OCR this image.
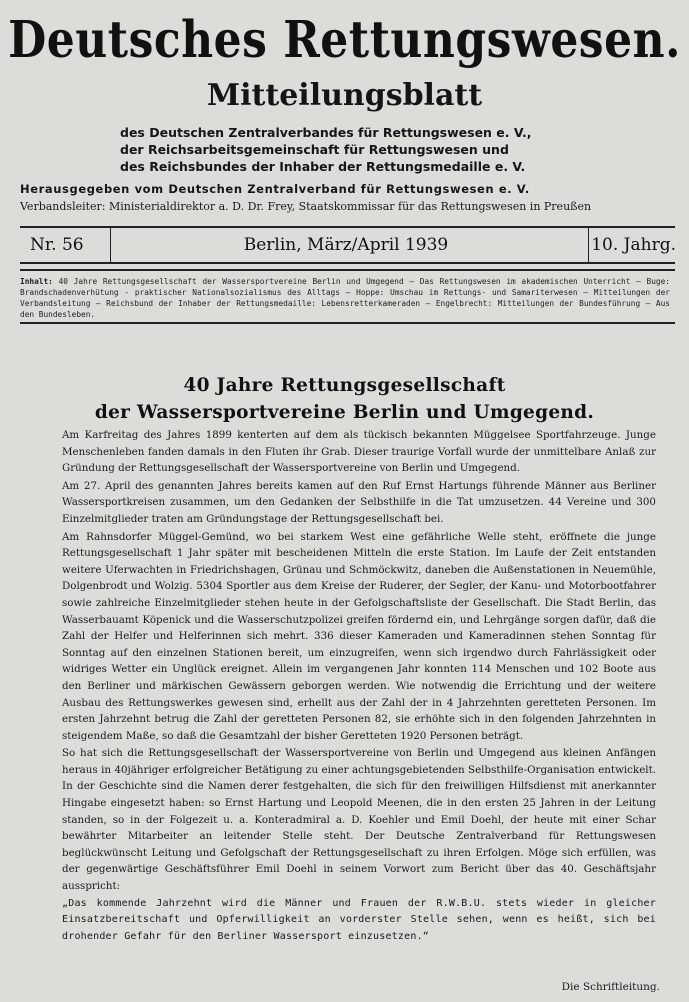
Deutsches Rettungswesen.
Mitteilungsblatt
des Deutschen Zentralverbandes für Rettungswesen e. V.,
der Reichsarbeitsgemeinschaft für Rettungswesen und
des Reichsbundes der Inhaber der Rettungsmedaille e. V.
Herausgegeben vom Deutschen Zentralverband für Rettungswesen e. V.
Verbandsleiter: Ministerialdirektor a. D. Dr. Frey, Staatskommissar für das Rettungswesen in Preußen
Nr. 56	Berlin, März/April 1939	10. Jahrg.
Inhalt: 40 Jahre Rettungsgesellschaft der Wassersportvereine Berlin und Umgegend — Das Rettungswesen im akademischen Unterricht — Buge: Brandschadenverhütung - praktischer Nationalsozialismus des Alltags — Hoppe: Umschau im Rettungs- und Samariterwesen — Mitteilungen der Verbandsleitung — Reichsbund der Inhaber der Rettungsmedaille: Lebensretterkameraden — Engelbrecht: Mitteilungen der Bundesführung — Aus den Bundesleben.
40 Jahre Rettungsgesellschaft
der Wassersportvereine Berlin und Umgegend.

Am Karfreitag des Jahres 1899 kenterten auf dem als tückisch bekannten Müggelsee Sportfahrzeuge. Junge Menschenleben fanden damals in den Fluten ihr Grab. Dieser traurige Vorfall wurde der unmittelbare Anlaß zur Gründung der Rettungsgesellschaft der Wassersportvereine von Berlin und Umgegend.

Am 27. April des genannten Jahres bereits kamen auf den Ruf Ernst Hartungs führende Männer aus Berliner Wassersportkreisen zusammen, um den Gedanken der Selbsthilfe in die Tat umzusetzen. 44 Vereine und 300 Einzelmitglieder traten am Gründungstage der Rettungsgesellschaft bei.

Am Rahnsdorfer Müggel-Gemünd, wo bei starkem West eine gefährliche Welle steht, eröffnete die junge Rettungsgesellschaft 1 Jahr später mit bescheidenen Mitteln die erste Station. Im Laufe der Zeit entstanden weitere Uferwachten in Friedrichshagen, Grünau und Schmöckwitz, daneben die Außenstationen in Neuemühle, Dolgenbrodt und Wolzig. 5304 Sportler aus dem Kreise der Ruderer, der Segler, der Kanu- und Motorbootfahrer sowie zahlreiche Einzelmitglieder stehen heute in der Gefolgschaftsliste der Gesellschaft. Die Stadt Berlin, das Wasserbauamt Köpenick und die Wasserschutzpolizei greifen fördernd ein, und Lehrgänge sorgen dafür, daß die Zahl der Helfer und Helferinnen sich mehrt. 336 dieser Kameraden und Kameradinnen stehen Sonntag für Sonntag auf den einzelnen Stationen bereit, um einzugreifen, wenn sich irgendwo durch Fahrlässigkeit oder widriges Wetter ein Unglück ereignet. Allein im vergangenen Jahr konnten 114 Menschen und 102 Boote aus den Berliner und märkischen Gewässern geborgen werden. Wie notwendig die Errichtung und der weitere Ausbau des Rettungswerkes gewesen sind, erhellt aus der Zahl der in 4 Jahrzehnten geretteten Personen. Im ersten Jahrzehnt betrug die Zahl der geretteten Personen 82, sie erhöhte sich in den folgenden Jahrzehnten in steigendem Maße, so daß die Gesamtzahl der bisher Geretteten 1920 Personen beträgt.

So hat sich die Rettungsgesellschaft der Wassersportvereine von Berlin und Umgegend aus kleinen Anfängen heraus in 40jähriger erfolgreicher Betätigung zu einer achtungsgebietenden Selbsthilfe-Organisation entwickelt. In der Geschichte sind die Namen derer festgehalten, die sich für den freiwilligen Hilfsdienst mit anerkannter Hingabe eingesetzt haben: so Ernst Hartung und Leopold Meenen, die in den ersten 25 Jahren in der Leitung standen, so in der Folgezeit u. a. Konteradmiral a. D. Koehler und Emil Doehl, der heute mit einer Schar bewährter Mitarbeiter an leitender Stelle steht. Der Deutsche Zentralverband für Rettungswesen beglückwünscht Leitung und Gefolgschaft der Rettungsgesellschaft zu ihren Erfolgen. Möge sich erfüllen, was der gegenwärtige Geschäftsführer Emil Doehl in seinem Vorwort zum Bericht über das 40. Geschäftsjahr ausspricht:

„Das kommende Jahrzehnt wird die Männer und Frauen der R.W.B.U. stets wieder in gleicher Einsatzbereitschaft und Opferwilligkeit an vorderster Stelle sehen, wenn es heißt, sich bei drohender Gefahr für den Berliner Wassersport einzusetzen.“

Die Schriftleitung.
